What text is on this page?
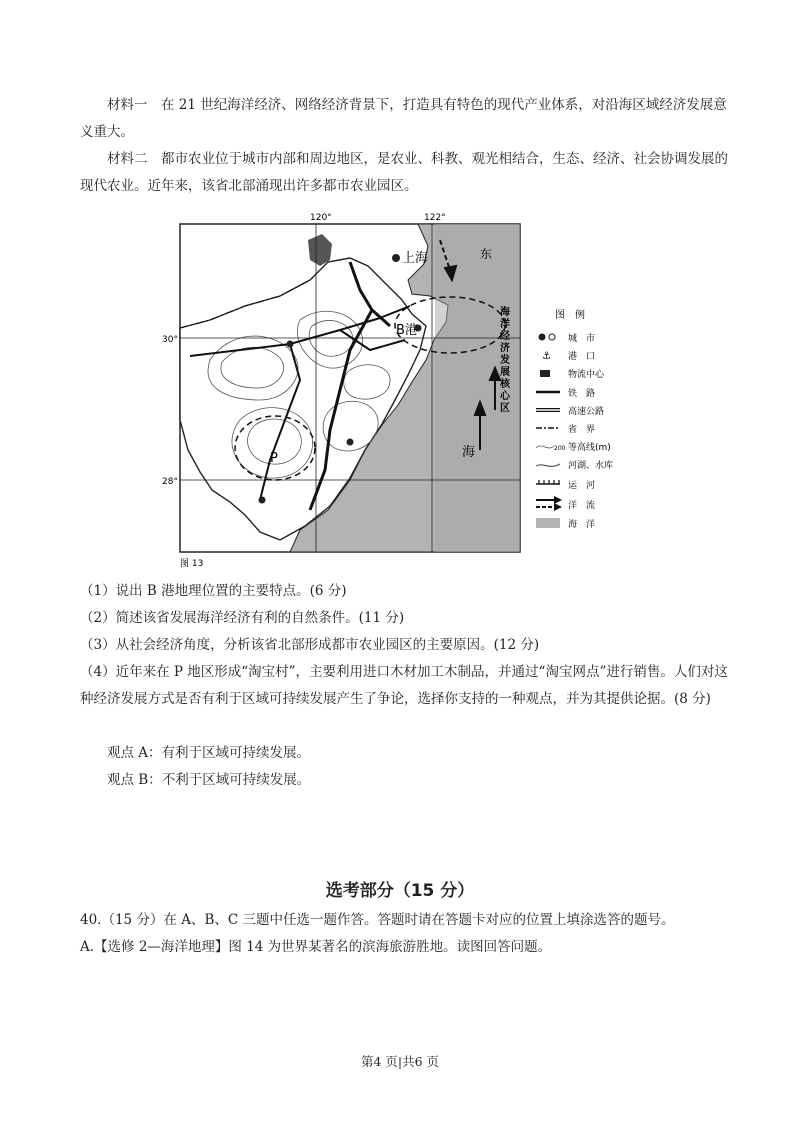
材料一　在 21 世纪海洋经济、网络经济背景下，打造具有特色的现代产业体系，对沿海区域经济发展意义重大。

材料二　都市农业位于城市内部和周边地区，是农业、科教、观光相结合，生态、经济、社会协调发展的现代农业。近年来，该省北部涌现出许多都市农业园区。

120°	122°
30°
28°
上海	东
海
B港
P
海
洋
经
济
发
展
核
心
区
图 13
图　例
城　市
⚓ 港　口
物流中心
铁　路
高速公路
省　界
200 等高线(m)
河湖、水库
运　河
洋　流
海　洋

（1）说出 B 港地理位置的主要特点。(6 分)

（2）简述该省发展海洋经济有利的自然条件。(11 分)

（3）从社会经济角度，分析该省北部形成都市农业园区的主要原因。(12 分)

（4）近年来在 P 地区形成“淘宝村”，主要利用进口木材加工木制品，并通过“淘宝网点”进行销售。人们对这种经济发展方式是否有利于区域可持续发展产生了争论，选择你支持的一种观点，并为其提供论据。(8 分)

观点 A：有利于区域可持续发展。

观点 B：不利于区域可持续发展。

选考部分（15 分）

40.（15 分）在 A、B、C 三题中任选一题作答。答题时请在答题卡对应的位置上填涂选答的题号。

A.【选修 2—海洋地理】图 14 为世界某著名的滨海旅游胜地。读图回答问题。

第4 页|共6 页
